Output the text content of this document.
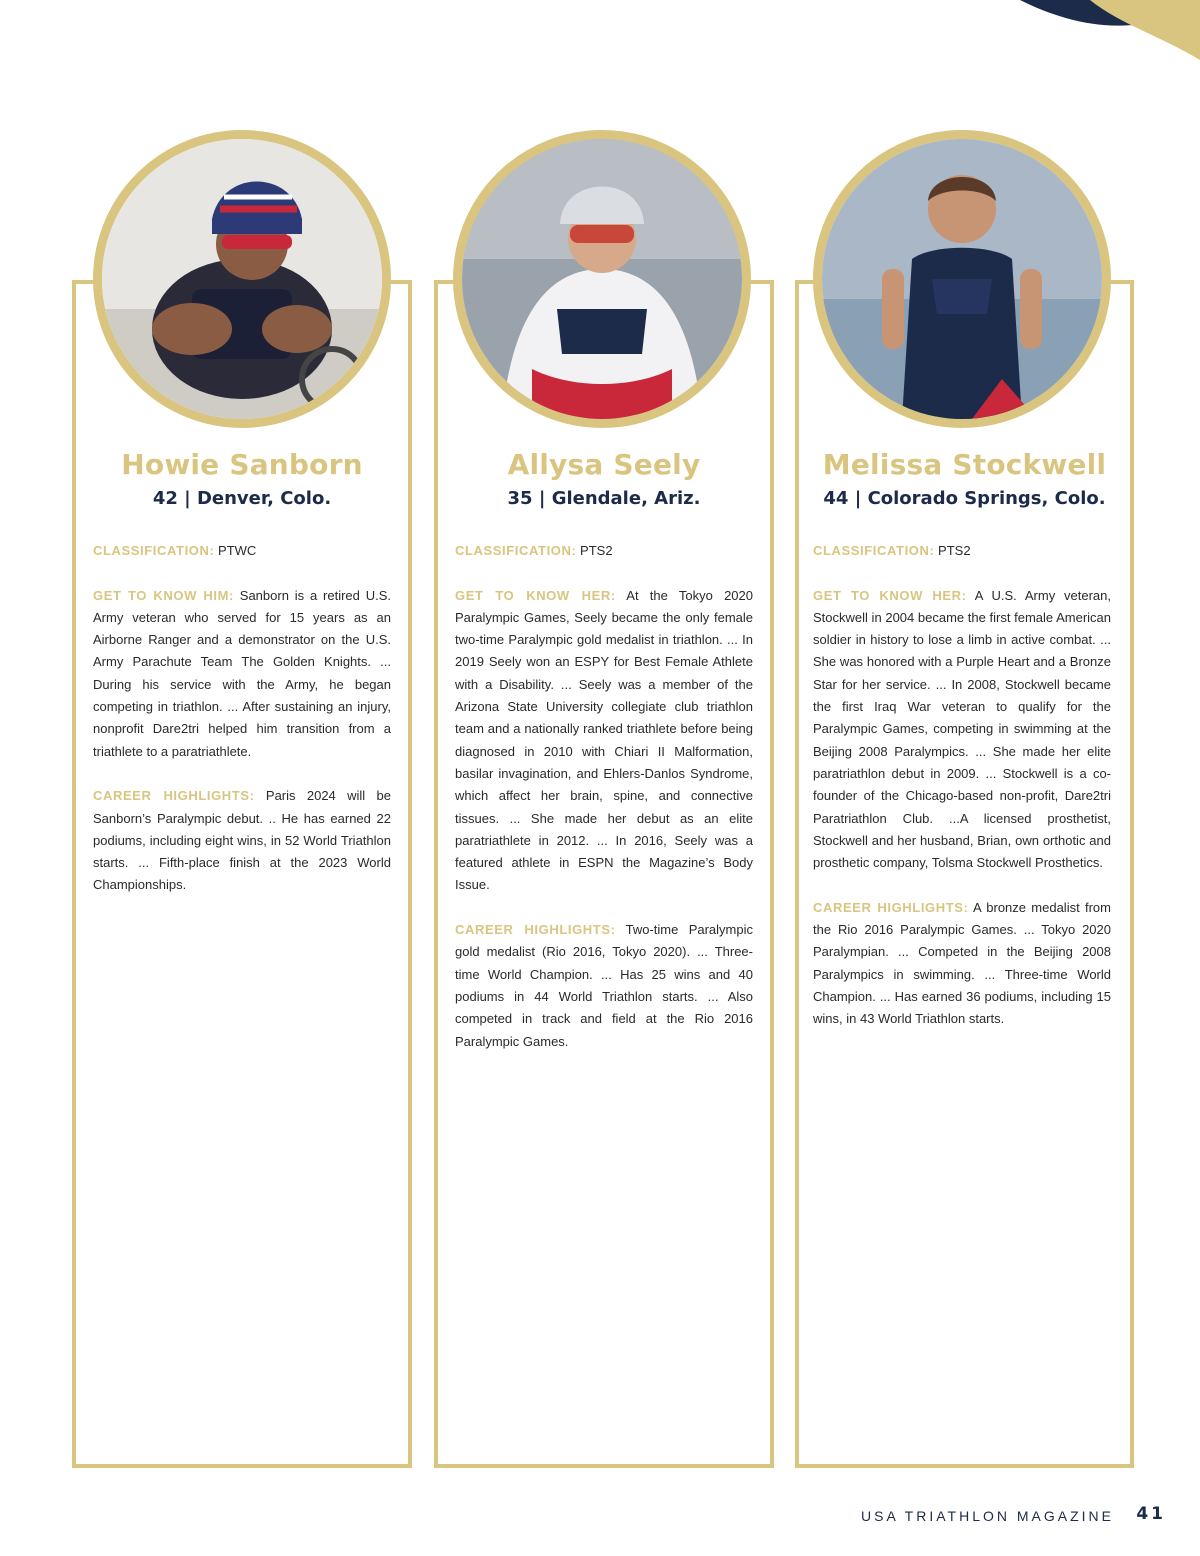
Howie Sanborn
42 | Denver, Colo.

CLASSIFICATION: PTWC

GET TO KNOW HIM: Sanborn is a retired U.S. Army veteran who served for 15 years as an Airborne Ranger and a demonstrator on the U.S. Army Parachute Team The Golden Knights. ... During his service with the Army, he began competing in triathlon. ... After sustaining an injury, nonprofit Dare2tri helped him transition from a triathlete to a paratriathlete.

CAREER HIGHLIGHTS: Paris 2024 will be Sanborn’s Paralympic debut. .. He has earned 22 podiums, including eight wins, in 52 World Triathlon starts. ... Fifth-place finish at the 2023 World Championships.

Allysa Seely
35 | Glendale, Ariz.

CLASSIFICATION: PTS2

GET TO KNOW HER: At the Tokyo 2020 Paralympic Games, Seely became the only female two-time Paralympic gold medalist in triathlon. ... In 2019 Seely won an ESPY for Best Female Athlete with a Disability. ... Seely was a member of the Arizona State University collegiate club triathlon team and a nationally ranked triathlete before being diagnosed in 2010 with Chiari II Malformation, basilar invagination, and Ehlers-Danlos Syndrome, which affect her brain, spine, and connective tissues. ... She made her debut as an elite paratriathlete in 2012. ... In 2016, Seely was a featured athlete in ESPN the Magazine’s Body Issue.

CAREER HIGHLIGHTS: Two-time Paralympic gold medalist (Rio 2016, Tokyo 2020). ... Three-time World Champion. ... Has 25 wins and 40 podiums in 44 World Triathlon starts. ... Also competed in track and field at the Rio 2016 Paralympic Games.

Melissa Stockwell
44 | Colorado Springs, Colo.

CLASSIFICATION: PTS2

GET TO KNOW HER: A U.S. Army veteran, Stockwell in 2004 became the first female American soldier in history to lose a limb in active combat. ... She was honored with a Purple Heart and a Bronze Star for her service. ... In 2008, Stockwell became the first Iraq War veteran to qualify for the Paralympic Games, competing in swimming at the Beijing 2008 Paralympics. ... She made her elite paratriathlon debut in 2009. ... Stockwell is a co-founder of the Chicago-based non-profit, Dare2tri Paratriathlon Club. ...A licensed prosthetist, Stockwell and her husband, Brian, own orthotic and prosthetic company, Tolsma Stockwell Prosthetics.

CAREER HIGHLIGHTS: A bronze medalist from the Rio 2016 Paralympic Games. ... Tokyo 2020 Paralympian. ... Competed in the Beijing 2008 Paralympics in swimming. ... Three-time World Champion. ... Has earned 36 podiums, including 15 wins, in 43 World Triathlon starts.

USA TRIATHLON MAGAZINE 41
